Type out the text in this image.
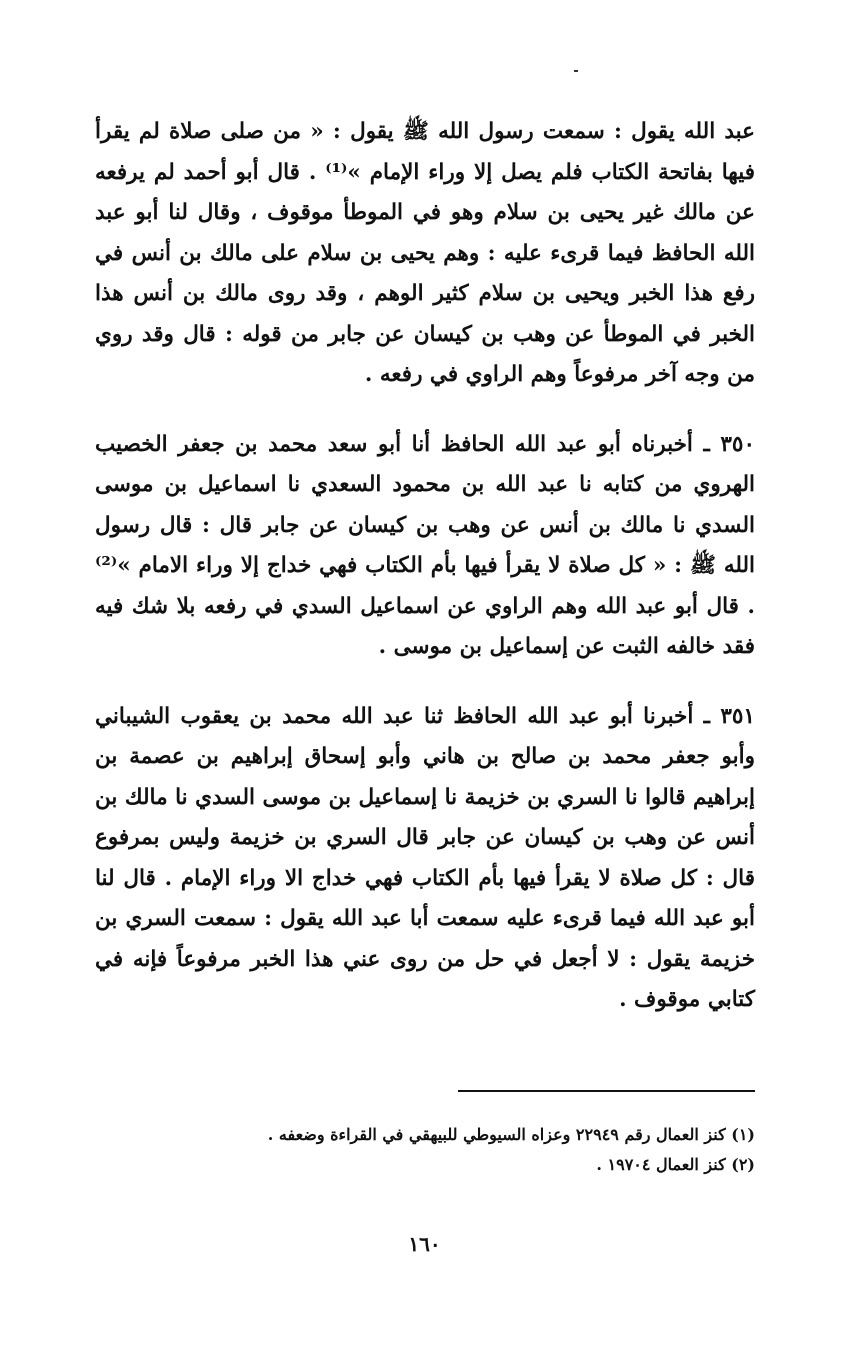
عبد الله يقول : سمعت رسول الله ﷺ يقول : « من صلى صلاة لم يقرأ فيها بفاتحة الكتاب فلم يصل إلا وراء الإمام »⁽¹⁾ . قال أبو أحمد لم يرفعه عن مالك غير يحيى بن سلام وهو في الموطأ موقوف ، وقال لنا أبو عبد الله الحافظ فيما قرىء عليه : وهم يحيى بن سلام على مالك بن أنس في رفع هذا الخبر ويحيى بن سلام كثير الوهم ، وقد روى مالك بن أنس هذا الخبر في الموطأ عن وهب بن كيسان عن جابر من قوله : قال وقد روي من وجه آخر مرفوعاً وهم الراوي في رفعه .

٣٥٠ ـ أخبرناه أبو عبد الله الحافظ أنا أبو سعد محمد بن جعفر الخصيب الهروي من كتابه نا عبد الله بن محمود السعدي نا اسماعيل بن موسى السدي نا مالك بن أنس عن وهب بن كيسان عن جابر قال : قال رسول الله ﷺ : « كل صلاة لا يقرأ فيها بأم الكتاب فهي خداج إلا وراء الامام »⁽²⁾ . قال أبو عبد الله وهم الراوي عن اسماعيل السدي في رفعه بلا شك فيه فقد خالفه الثبت عن إسماعيل بن موسى .

٣٥١ ـ أخبرنا أبو عبد الله الحافظ ثنا عبد الله محمد بن يعقوب الشيباني وأبو جعفر محمد بن صالح بن هاني وأبو إسحاق إبراهيم بن عصمة بن إبراهيم قالوا نا السري بن خزيمة نا إسماعيل بن موسى السدي نا مالك بن أنس عن وهب بن كيسان عن جابر قال السري بن خزيمة وليس بمرفوع قال : كل صلاة لا يقرأ فيها بأم الكتاب فهي خداج الا وراء الإمام . قال لنا أبو عبد الله فيما قرىء عليه سمعت أبا عبد الله يقول : سمعت السري بن خزيمة يقول : لا أجعل في حل من روى عني هذا الخبر مرفوعاً فإنه في كتابي موقوف .

(١) كنز العمال رقم ٢٢٩٤٩ وعزاه السيوطي للبيهقي في القراءة وضعفه .

(٢) كنز العمال ١٩٧٠٤ .

١٦٠
